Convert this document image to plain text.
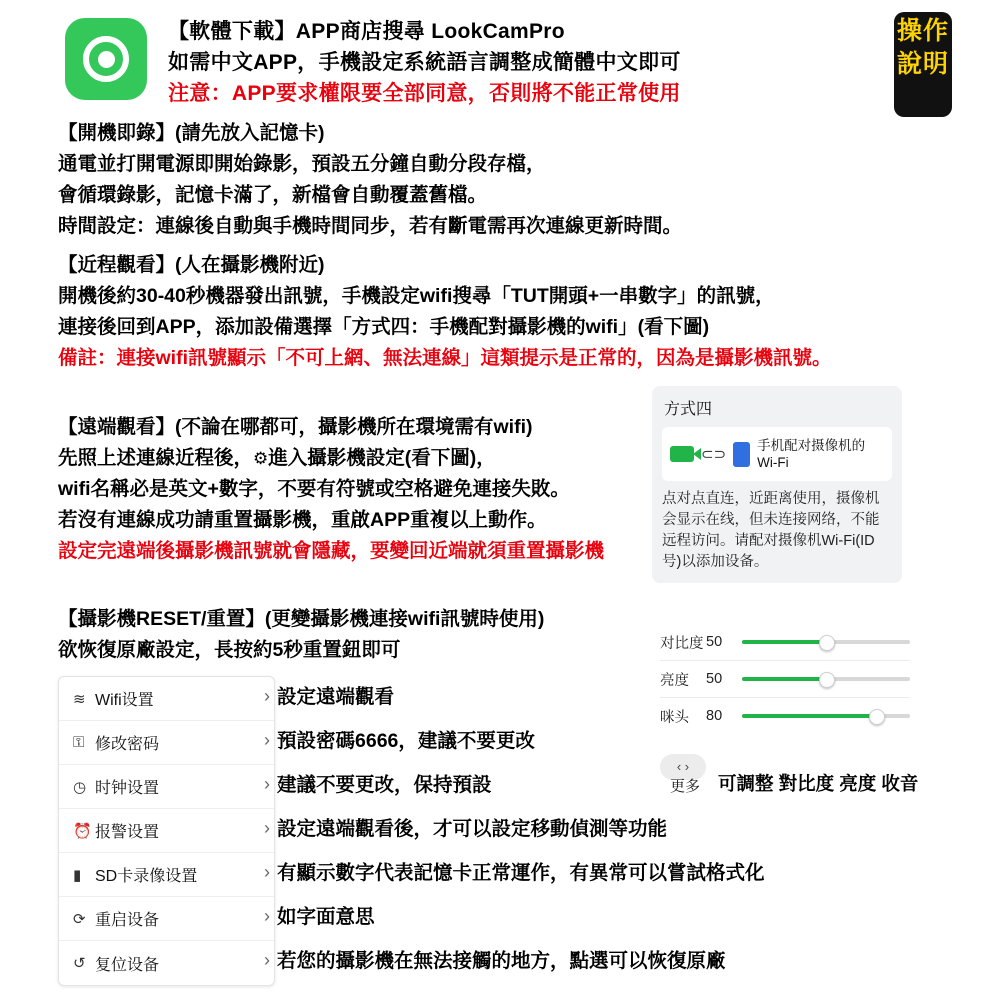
【軟體下載】APP商店搜尋 LookCamPro
如需中文APP，手機設定系統語言調整成簡體中文即可
注意：APP要求權限要全部同意，否則將不能正常使用
操作說明
【開機即錄】(請先放入記憶卡)
通電並打開電源即開始錄影，預設五分鐘自動分段存檔，
會循環錄影，記憶卡滿了，新檔會自動覆蓋舊檔。
時間設定：連線後自動與手機時間同步，若有斷電需再次連線更新時間。
【近程觀看】(人在攝影機附近)
開機後約30-40秒機器發出訊號，手機設定wifi搜尋「TUT開頭+一串數字」的訊號，
連接後回到APP，添加設備選擇「方式四：手機配對攝影機的wifi」(看下圖)
備註：連接wifi訊號顯示「不可上網、無法連線」這類提示是正常的，因為是攝影機訊號。
【遠端觀看】(不論在哪都可，攝影機所在環境需有wifi)
先照上述連線近程後，⚙進入攝影機設定(看下圖)，
wifi名稱必是英文+數字，不要有符號或空格避免連接失敗。
若沒有連線成功請重置攝影機，重啟APP重複以上動作。
設定完遠端後攝影機訊號就會隱藏，要變回近端就須重置攝影機
【攝影機RESET/重置】(更變攝影機連接wifi訊號時使用)
欲恢復原廠設定，長按約5秒重置鈕即可
方式四
⊂⊃
手机配对摄像机的
Wi-Fi
点对点直连，近距离使用，摄像机会显示在线，但未连接网络，不能远程访问。请配对摄像机Wi-Fi(ID号)以添加设备。
对比度 50
亮度	50
咪头	80
‹ ›
更多 可調整 對比度 亮度 收音
≋ Wifi设置
⚿ 修改密码
◷ 时钟设置
⏰ 报警设置
▮ SD卡录像设置
⟳ 重启设备
↺ 复位设备
›
›
›
›
›
›
›
設定遠端觀看
預設密碼6666，建議不要更改
建議不要更改，保持預設
設定遠端觀看後，才可以設定移動偵測等功能
有顯示數字代表記憶卡正常運作，有異常可以嘗試格式化
如字面意思
若您的攝影機在無法接觸的地方，點選可以恢復原廠
